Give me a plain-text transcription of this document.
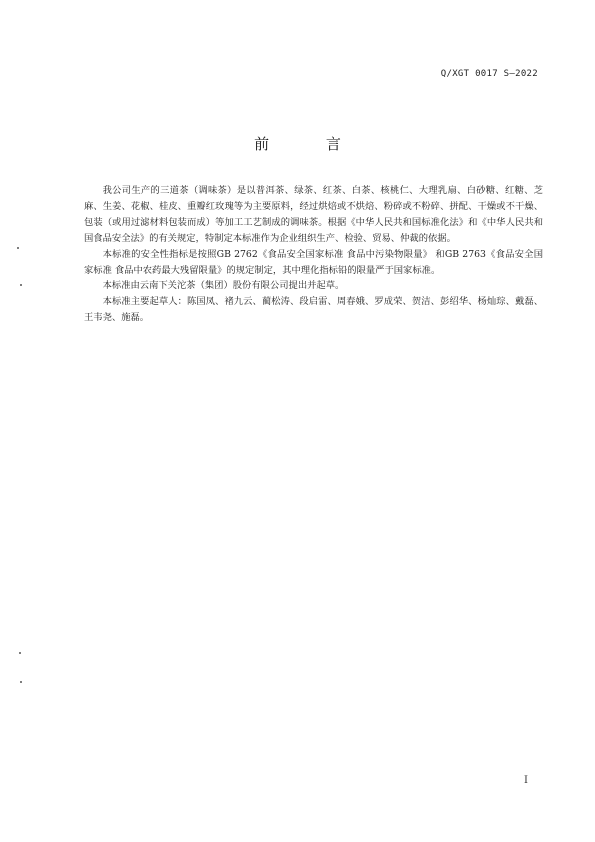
Q/XGT 0017 S—2022
前 言

我公司生产的三道茶（调味茶）是以普洱茶、绿茶、红茶、白茶、核桃仁、大理乳扇、白砂糖、红糖、芝麻、生姜、花椒、桂皮、重瓣红玫瑰等为主要原料，经过烘焙或不烘焙、粉碎或不粉碎、拼配、干燥或不干燥、包装（或用过滤材料包装而成）等加工工艺制成的调味茶。根据《中华人民共和国标准化法》和《中华人民共和国食品安全法》的有关规定，特制定本标准作为企业组织生产、检验、贸易、仲裁的依据。

本标准的安全性指标是按照GB 2762《食品安全国家标准 食品中污染物限量》 和GB 2763《食品安全国家标准 食品中农药最大残留限量》的规定制定，其中理化指标铅的限量严于国家标准。

本标准由云南下关沱茶（集团）股份有限公司提出并起草。

本标准主要起草人：陈国凤、褚九云、蔺松涛、段启雷、周春娥、罗成荣、贺洁、彭绍华、杨灿琮、戴磊、王韦尧、施磊。

I
